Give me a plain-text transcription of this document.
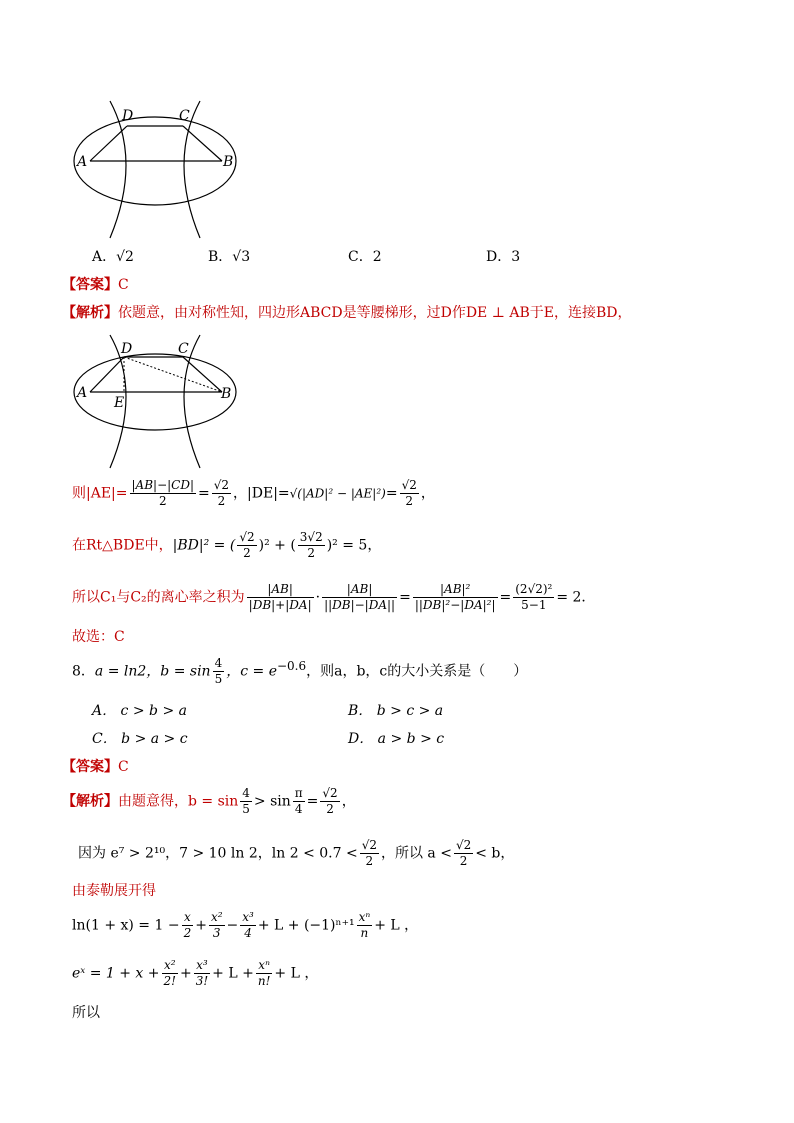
D	C
A	B
A．√2	B．√3	C．2	D．3
【答案】C
【解析】依题意，由对称性知，四边形ABCD是等腰梯形，过D作DE ⊥ AB于E，连接BD，
D	C
A	B
E
则$|AE|= \frac{|AB|-|CD|}{2} = \frac{√2}{2}$ ，$|DE|=√(|AD|^2 - |AE|^2)= \frac{√2}{2}$ ，
在Rt△BDE中，|BD|² = ( $\frac{√2}{2} )^2$ + ( $\frac{3√2}{2} )^2 = 5$，
所以C₁与C₂的离心率之积为 $\frac{|AB|}{|DB|+|DA|} \cdot \frac{|AB|}{||DB|-|DA||} = \frac{\text{|AB|²}}{\text{||DB|²−|DA|²|}} = \frac{\text{(2√2)²}}{5-1} = 2$．
故选：C
8．a = ln2，$b = \sin \frac{4}{5}$ ，$c = e^{-0.6}$，则a，b，c的大小关系是（　　）
A． c > b > a	B． b > c > a
C． b > a > c	D． a > b > c
【答案】C
【解析】由题意得，$b = \sin \frac{4}{5} > \sin \frac{\pi}{4} = \frac{√2}{2}$ ，
因为 e⁷ > 2¹⁰，7 > 10 ln 2，$\ln 2 < 0.7 < \frac{√2}{2}$ ，所以 $a < \frac{√2}{2} < b$，
由泰勒展开得
$\ln(1 + x) = 1 - \frac{x}{2} + \frac{\text{x²}}{3} - \frac{\text{x³}}{4} + L + (-1)^{n+1} \frac{\text{xⁿ}}{n} + L$ ，
eˣ = $1 + x + \frac{\text{x²}}{2!} + \frac{\text{x³}}{3!} + L + \frac{\text{xⁿ}}{n!} + L$ ，
所以
